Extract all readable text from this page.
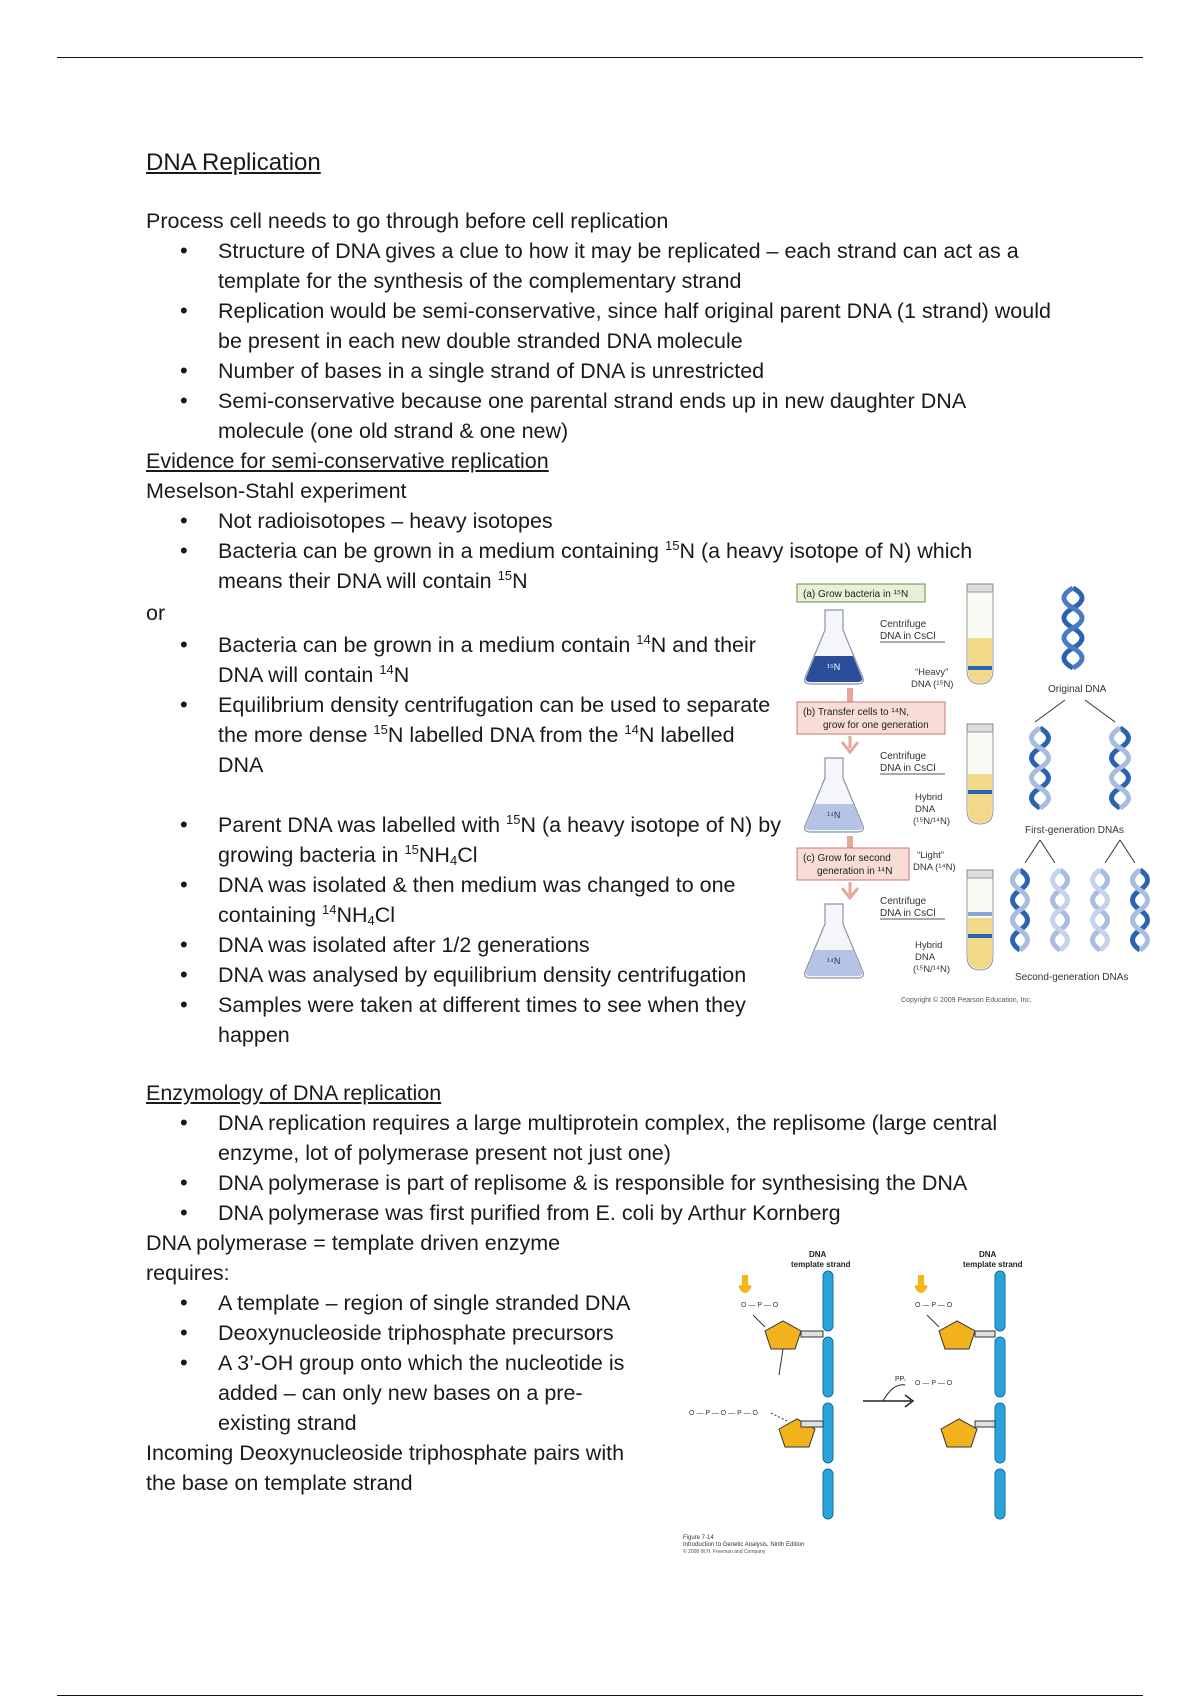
DNA Replication

Process cell needs to go through before cell replication

• Structure of DNA gives a clue to how it may be replicated – each strand can act as a template for the synthesis of the complementary strand
• Replication would be semi-conservative, since half original parent DNA (1 strand) would be present in each new double stranded DNA molecule
• Number of bases in a single strand of DNA is unrestricted
• Semi-conservative because one parental strand ends up in new daughter DNA molecule (one old strand & one new)

Evidence for semi-conservative replication

Meselson-Stahl experiment

• Not radioisotopes – heavy isotopes
• Bacteria can be grown in a medium containing $^{15}$N (a heavy isotope of N) which means their DNA will contain $^{15}$N

or

• Bacteria can be grown in a medium contain $^{14}$N and their DNA will contain $^{14}$N
• Equilibrium density centrifugation can be used to separate the more dense $^{15}$N labelled DNA from the $^{14}$N labelled DNA
• Parent DNA was labelled with $^{15}$N (a heavy isotope of N) by growing bacteria in $^{15}NH_4Cl$
• DNA was isolated & then medium was changed to one containing $^{14}NH_4Cl$
• DNA was isolated after 1/2 generations
• DNA was analysed by equilibrium density centrifugation
• Samples were taken at different times to see when they happen

Enzymology of DNA replication

• DNA replication requires a large multiprotein complex, the replisome (large central enzyme, lot of polymerase present not just one)
• DNA polymerase is part of replisome & is responsible for synthesising the DNA
• DNA polymerase was first purified from E. coli by Arthur Kornberg

DNA polymerase = template driven enzyme

requires:

• A template – region of single stranded DNA
• Deoxynucleoside triphosphate precursors
• A 3’-OH group onto which the nucleotide is added – can only new bases on a pre-existing strand

Incoming Deoxynucleoside triphosphate pairs with the base on template strand

(a) Grow bacteria in ¹⁵N
¹⁵N
Centrifuge
DNA in CsCl
“Heavy”
DNA (¹⁵N)
(b) Transfer cells to ¹⁴N,
grow for one generation
¹⁴N
Centrifuge
DNA in CsCl
Hybrid
DNA
(¹⁵N/¹⁴N)
(c) Grow for second
generation in ¹⁴N
“Light”
DNA (¹⁴N)
¹⁴N
Centrifuge
DNA in CsCl
Hybrid
DNA
(¹⁵N/¹⁴N)
Original DNA
First-generation DNAs
Second-generation DNAs
Copyright © 2009 Pearson Education, Inc.
DNA
template strand
DNA
template strand
O — P — O
O — P — O — P — O
PPᵢ
O — P — O
O — P — O
Figure 7-14
Introduction to Genetic Analysis, Ninth Edition
© 2008 W.H. Freeman and Company
